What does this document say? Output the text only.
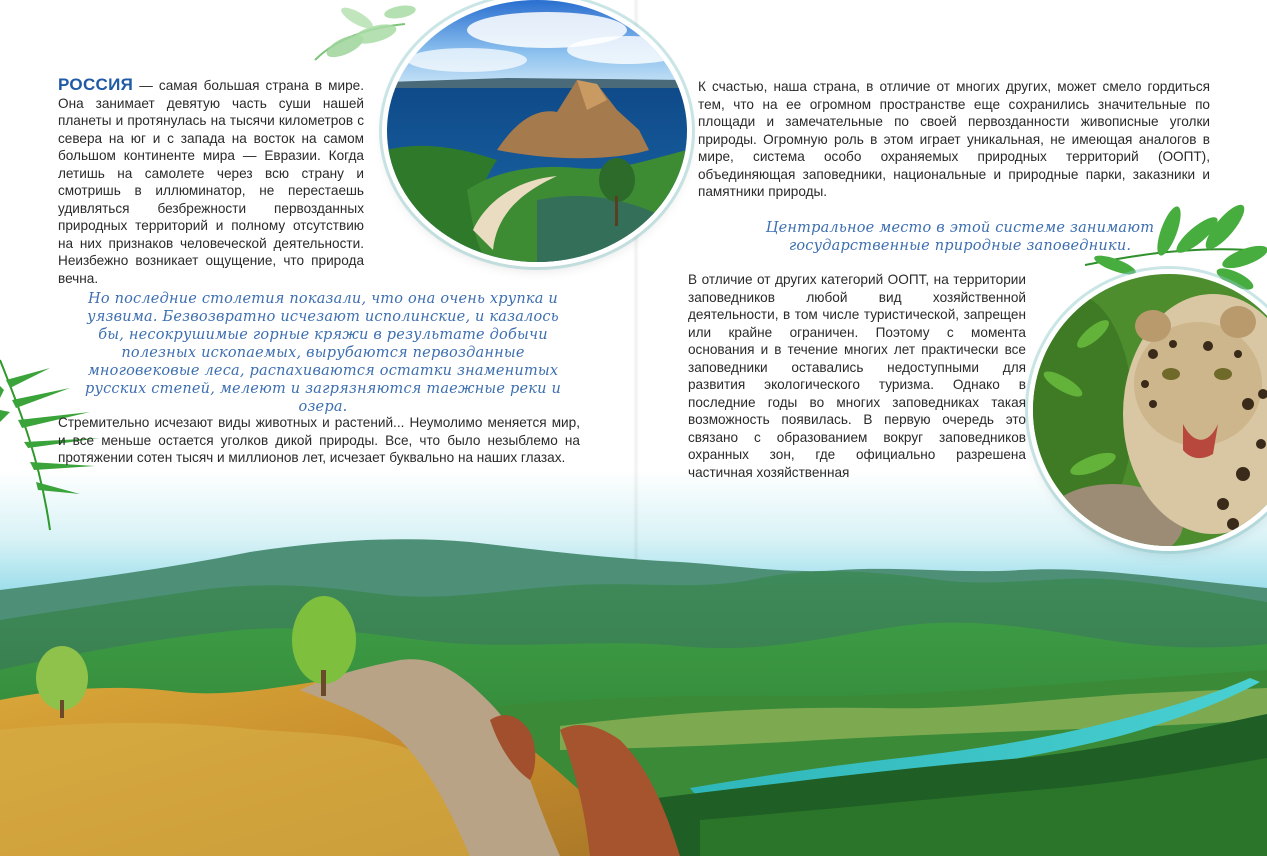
РОССИЯ — самая большая страна в мире. Она занимает девятую часть суши нашей планеты и протянулась на тысячи километров с севера на юг и с запада на восток на самом большом континенте мира — Евразии. Когда летишь на самолете через всю страну и смотришь в иллюминатор, не перестаешь удивляться безбрежности первозданных природных территорий и полному отсутствию на них признаков человеческой деятельности. Неизбежно возникает ощущение, что природа вечна.

Но последние столетия показали, что она очень хрупка и уязвима. Безвозвратно исчезают исполинские, и казалось бы, несокрушимые горные кряжи в результате добычи полезных ископаемых, вырубаются первозданные многовековые леса, распахиваются остатки знаменитых русских степей, мелеют и загрязняются таежные реки и озера.
Стремительно исчезают виды животных и растений... Неумолимо меняется мир, и все меньше остается уголков дикой природы. Все, что было незыблемо на протяжении сотен тысяч и миллионов лет, исчезает буквально на наших глазах.
К счастью, наша страна, в отличие от многих других, может смело гордиться тем, что на ее огромном пространстве еще сохранились значительные по площади и замечательные по своей первозданности живописные уголки природы. Огромную роль в этом играет уникальная, не имеющая аналогов в мире, система особо охраняемых природных территорий (ООПТ), объединяющая заповедники, национальные и природные парки, заказники и памятники природы.
Центральное место в этой системе занимают государственные природные заповедники.
В отличие от других категорий ООПТ, на территории заповедников любой вид хозяйственной деятельности, в том числе туристической, запрещен или крайне ограничен. Поэтому с момента основания и в течение многих лет практически все заповедники оставались недоступными для развития экологического туризма. Однако в последние годы во многих заповедниках такая возможность появилась. В первую очередь это связано с образованием вокруг заповедников охранных зон, где официально разрешена частичная хозяйственная
